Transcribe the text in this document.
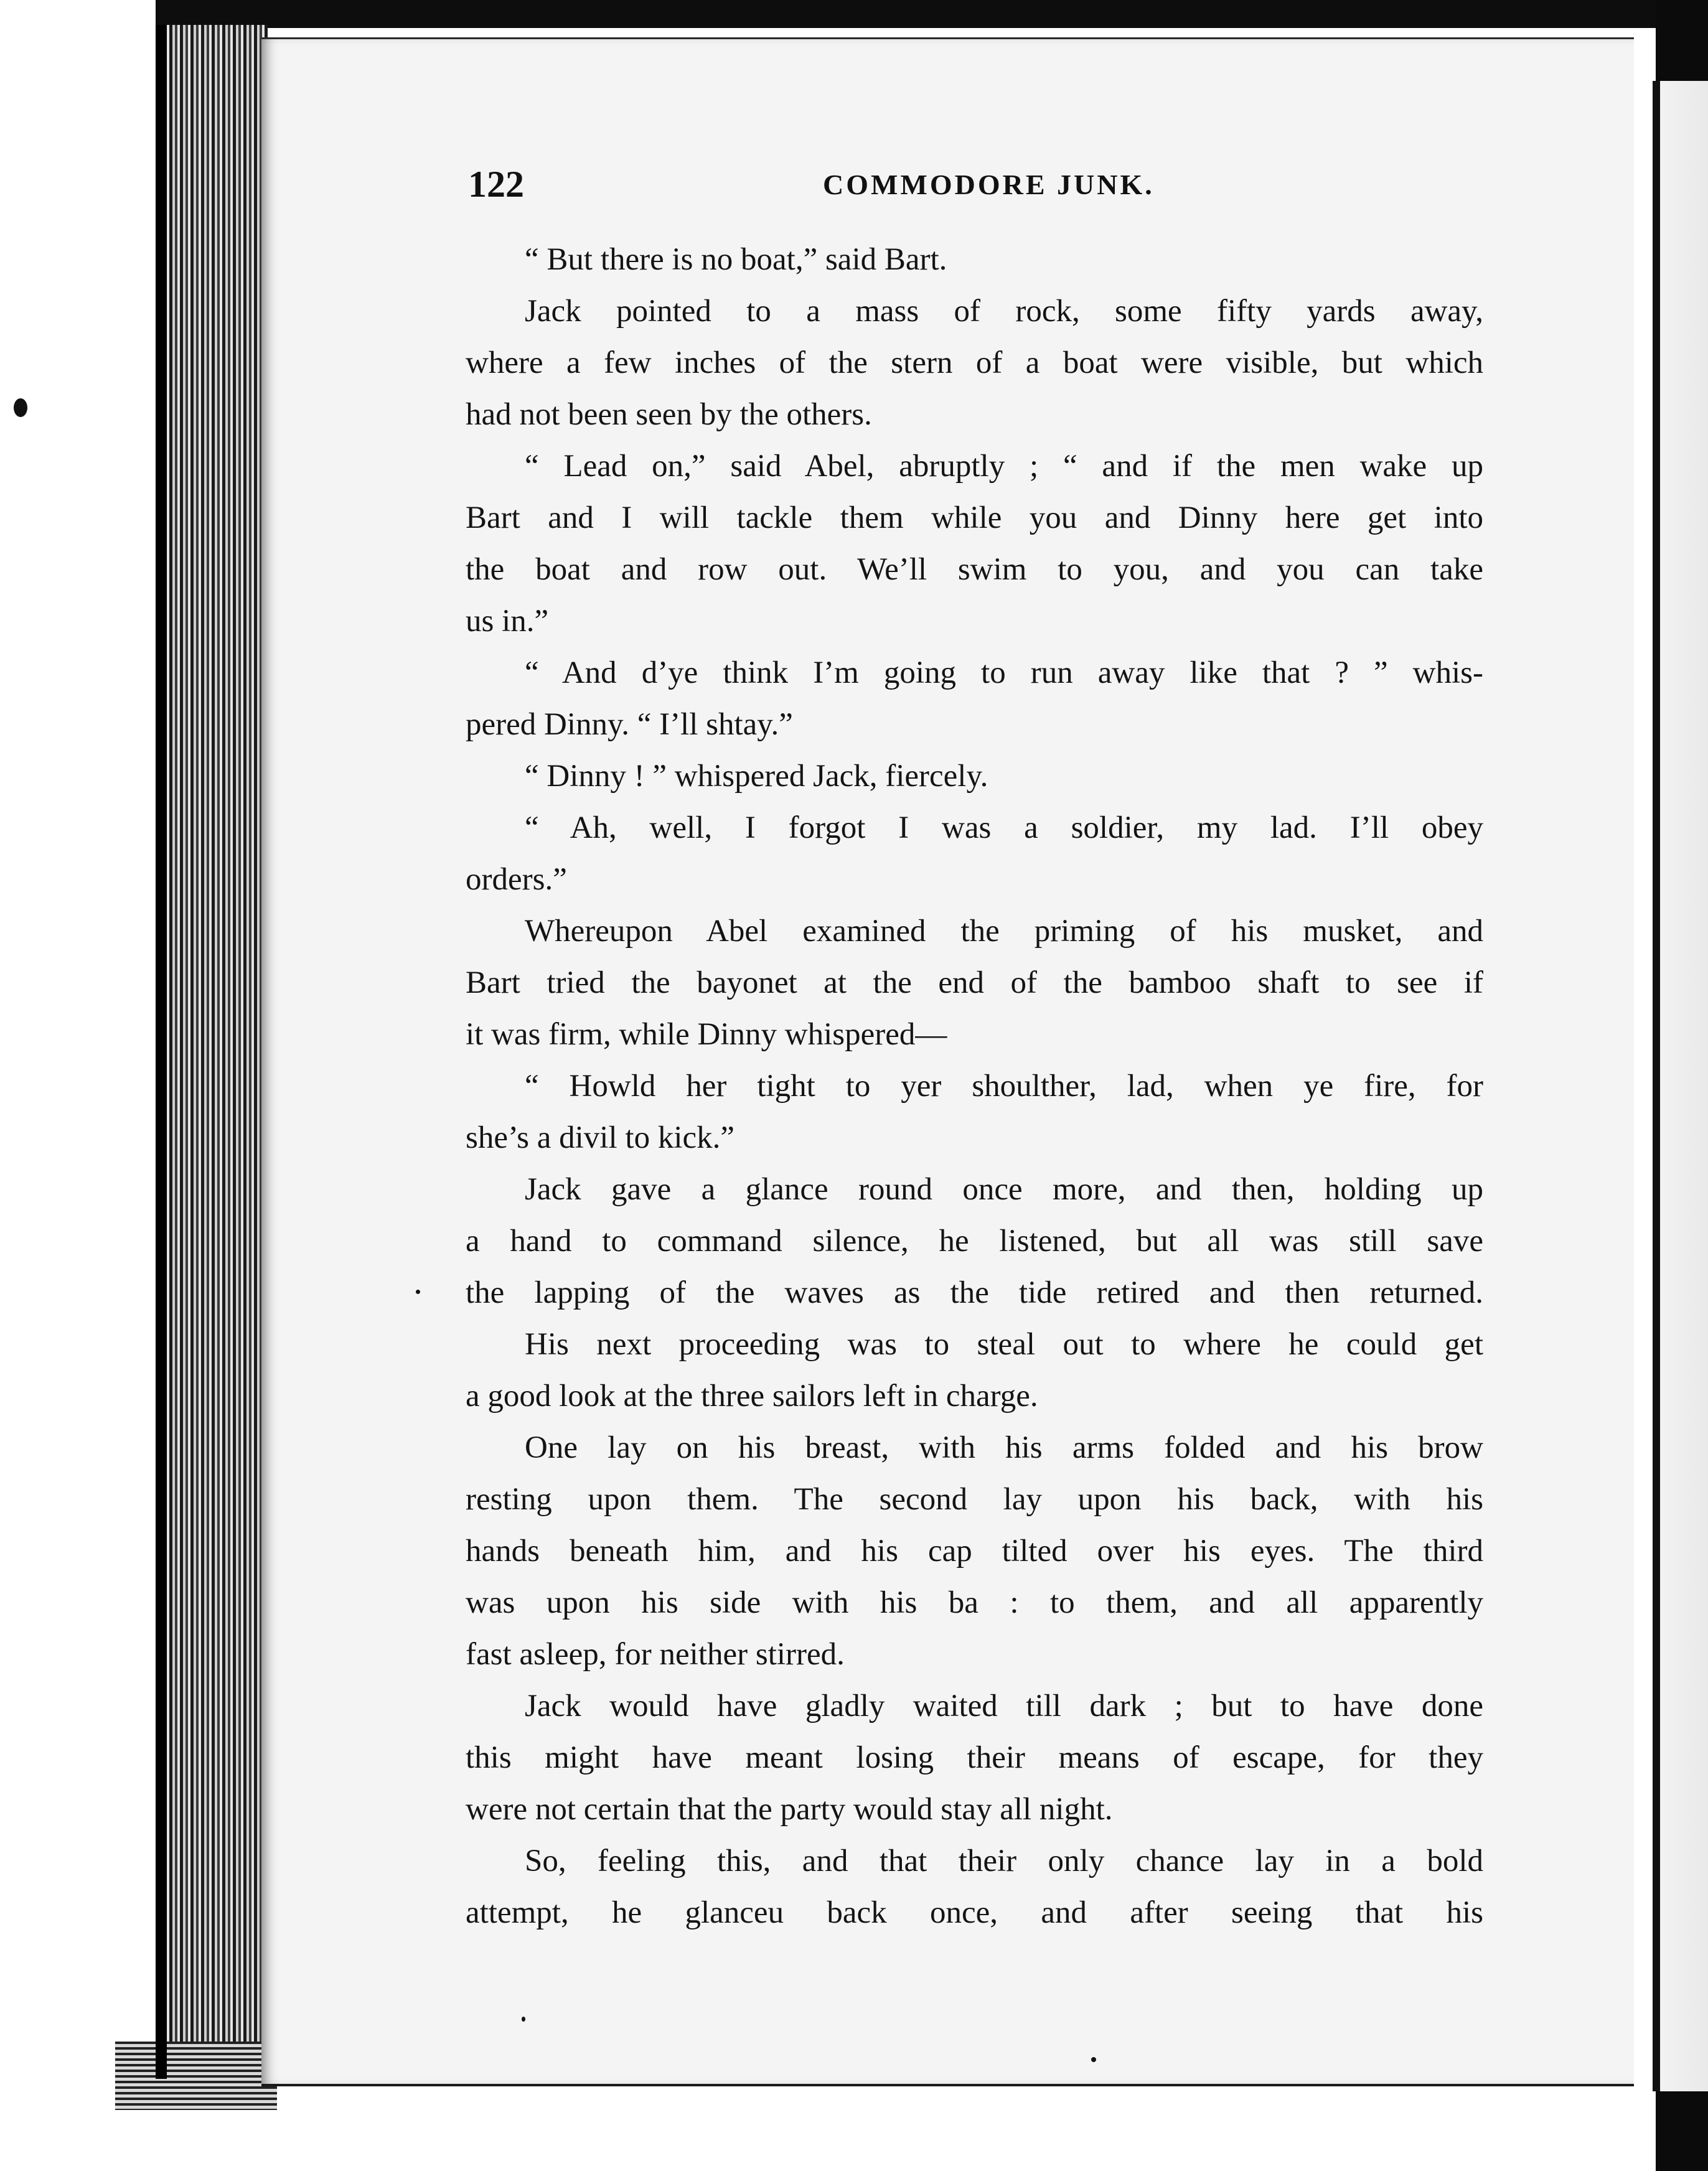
122	COMMODORE JUNK.
“ But there is no boat,” said Bart.
Jack pointed to a mass of rock, some fifty yards away,
where a few inches of the stern of a boat were visible, but which
had not been seen by the others.
“ Lead on,” said Abel, abruptly ; “ and if the men wake up
Bart and I will tackle them while you and Dinny here get into
the boat and row out. We’ll swim to you, and you can take
us in.”
“ And d’ye think I’m going to run away like that ? ” whis-
pered Dinny. “ I’ll shtay.”
“ Dinny ! ” whispered Jack, fiercely.
“ Ah, well, I forgot I was a soldier, my lad. I’ll obey
orders.”
Whereupon Abel examined the priming of his musket, and
Bart tried the bayonet at the end of the bamboo shaft to see if
it was firm, while Dinny whispered—
“ Howld her tight to yer shoulther, lad, when ye fire, for
she’s a divil to kick.”
Jack gave a glance round once more, and then, holding up
a hand to command silence, he listened, but all was still save
the lapping of the waves as the tide retired and then returned.
His next proceeding was to steal out to where he could get
a good look at the three sailors left in charge.
One lay on his breast, with his arms folded and his brow
resting upon them. The second lay upon his back, with his
hands beneath him, and his cap tilted over his eyes. The third
was upon his side with his ba : to them, and all apparently
fast asleep, for neither stirred.
Jack would have gladly waited till dark ; but to have done
this might have meant losing their means of escape, for they
were not certain that the party would stay all night.
So, feeling this, and that their only chance lay in a bold
attempt, he glanceu back once, and after seeing that his
